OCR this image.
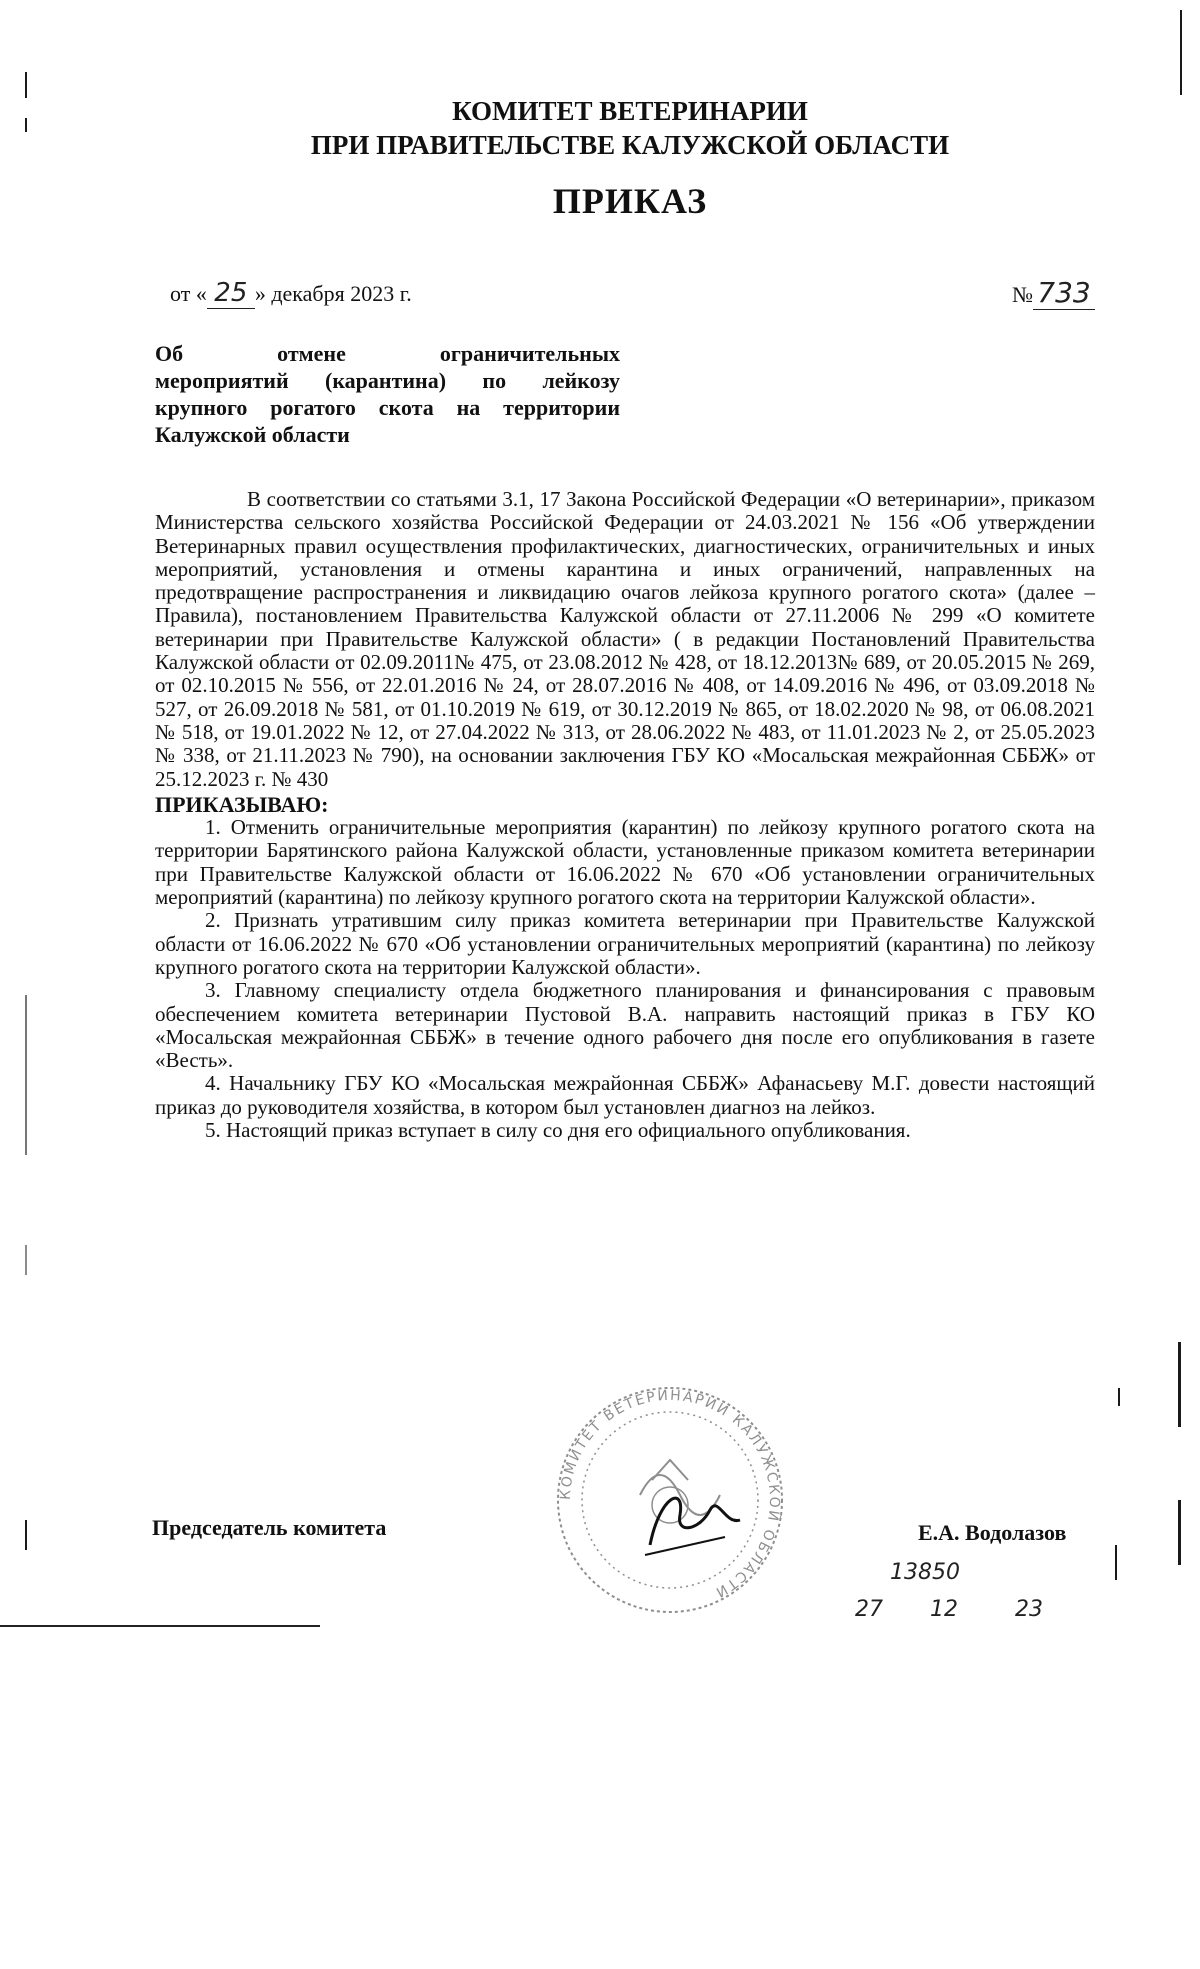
КОМИТЕТ ВЕТЕРИНАРИИ
ПРИ ПРАВИТЕЛЬСТВЕ КАЛУЖСКОЙ ОБЛАСТИ
ПРИКАЗ
от « 25 » декабря 2023 г.	№ 733
Об отмене ограничительных
мероприятий (карантина) по лейкозу
крупного рогатого скота на территории
Калужской области

В соответствии со статьями 3.1, 17 Закона Российской Федерации «О ветеринарии», приказом Министерства сельского хозяйства Российской Федерации от 24.03.2021 № 156 «Об утверждении Ветеринарных правил осуществления профилактических, диагностических, ограничительных и иных мероприятий, установления и отмены карантина и иных ограничений, направленных на предотвращение распространения и ликвидацию очагов лейкоза крупного рогатого скота» (далее – Правила), постановлением Правительства Калужской области от 27.11.2006 № 299 «О комитете ветеринарии при Правительстве Калужской области» ( в редакции Постановлений Правительства Калужской области от 02.09.2011№ 475, от 23.08.2012 № 428, от 18.12.2013№ 689, от 20.05.2015 № 269, от 02.10.2015 № 556, от 22.01.2016 № 24, от 28.07.2016 № 408, от 14.09.2016 № 496, от 03.09.2018 № 527, от 26.09.2018 № 581, от 01.10.2019 № 619, от 30.12.2019 № 865, от 18.02.2020 № 98, от 06.08.2021 № 518, от 19.01.2022 № 12, от 27.04.2022 № 313, от 28.06.2022 № 483, от 11.01.2023 № 2, от 25.05.2023 № 338, от 21.11.2023 № 790), на основании заключения ГБУ КО «Мосальская межрайонная СББЖ» от 25.12.2023 г. № 430

ПРИКАЗЫВАЮ:

1. Отменить ограничительные мероприятия (карантин) по лейкозу крупного рогатого скота на территории Барятинского района Калужской области, установленные приказом комитета ветеринарии при Правительстве Калужской области от 16.06.2022 № 670 «Об установлении ограничительных мероприятий (карантина) по лейкозу крупного рогатого скота на территории Калужской области».

2. Признать утратившим силу приказ комитета ветеринарии при Правительстве Калужской области от 16.06.2022 № 670 «Об установлении ограничительных мероприятий (карантина) по лейкозу крупного рогатого скота на территории Калужской области».

3. Главному специалисту отдела бюджетного планирования и финансирования с правовым обеспечением комитета ветеринарии Пустовой В.А. направить настоящий приказ в ГБУ КО «Мосальская межрайонная СББЖ» в течение одного рабочего дня после его опубликования в газете «Весть».

4. Начальнику ГБУ КО «Мосальская межрайонная СББЖ» Афанасьеву М.Г. довести настоящий приказ до руководителя хозяйства, в котором был установлен диагноз на лейкоз.

5. Настоящий приказ вступает в силу со дня его официального опубликования.

КОМИТЕТ ВЕТЕРИНАРИИ КАЛУЖСКОЙ ОБЛАСТИ
Председатель комитета	Е.А. Водолазов
13850
27 12	23
